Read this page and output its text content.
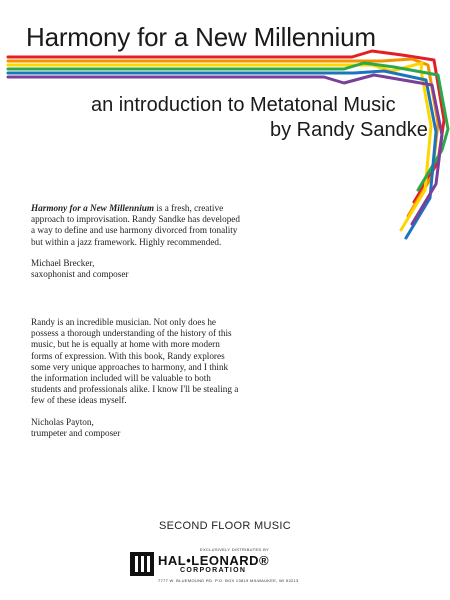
Harmony for a New Millennium
an introduction to Metatonal Music
by Randy Sandke

Harmony for a New Millennium is a fresh, creative approach to improvisation. Randy Sandke has developed a way to define and use harmony divorced from tonality but within a jazz framework. Highly recommended.

Michael Brecker,
saxophonist and composer

Randy is an incredible musician. Not only does he possess a thorough understanding of the history of this music, but he is equally at home with more modern forms of expression. With this book, Randy explores some very unique approaches to harmony, and I think the information included will be valuable to both students and professionals alike. I know I'll be stealing a few of these ideas myself.

Nicholas Payton,
trumpeter and composer
SECOND FLOOR MUSIC
EXCLUSIVELY DISTRIBUTED BY
HAL•LEONARD®
CORPORATION
7777 W. BLUEMOUND RD. P.O. BOX 13819 MILWAUKEE, WI 53213
